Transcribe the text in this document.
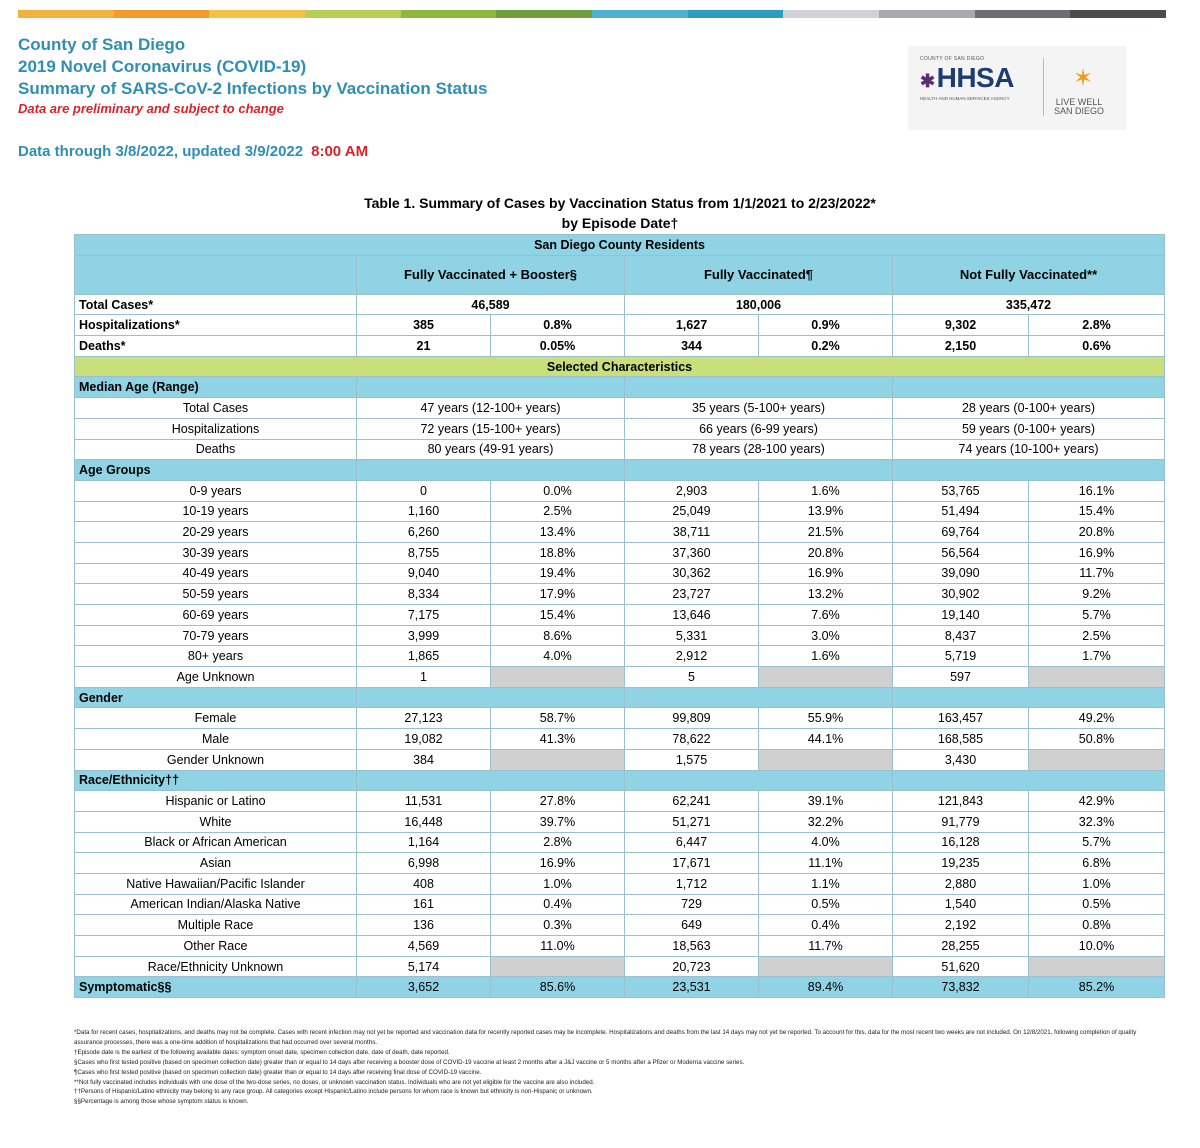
County of San Diego
2019 Novel Coronavirus (COVID-19)
Summary of SARS-CoV-2 Infections by Vaccination Status
Data are preliminary and subject to change
Data through 3/8/2022, updated 3/9/2022 8:00 AM
COUNTY OF SAN DIEGO
✱HHSA
HEALTH AND HUMAN SERVICES AGENCY
✶
LIVE WELL
SAN DIEGO
Table 1. Summary of Cases by Vaccination Status from 1/1/2021 to 2/23/2022*
by Episode Date†
San Diego County Residents						
	Fully Vaccinated + Booster§		Fully Vaccinated¶		Not Fully Vaccinated**	
Total Cases*	46,589		180,006		335,472	
Hospitalizations*	385	0.8%	1,627	0.9%	9,302	2.8%
Deaths*	21	0.05%	344	0.2%	2,150	0.6%
Selected Characteristics						
Median Age (Range)						
Total Cases	47 years (12-100+ years)		35 years (5-100+ years)		28 years (0-100+ years)	
Hospitalizations	72 years (15-100+ years)		66 years (6-99 years)		59 years (0-100+ years)	
Deaths	80 years (49-91 years)		78 years (28-100 years)		74 years (10-100+ years)	
Age Groups						
0-9 years	0	0.0%	2,903	1.6%	53,765	16.1%
10-19 years	1,160	2.5%	25,049	13.9%	51,494	15.4%
20-29 years	6,260	13.4%	38,711	21.5%	69,764	20.8%
30-39 years	8,755	18.8%	37,360	20.8%	56,564	16.9%
40-49 years	9,040	19.4%	30,362	16.9%	39,090	11.7%
50-59 years	8,334	17.9%	23,727	13.2%	30,902	9.2%
60-69 years	7,175	15.4%	13,646	7.6%	19,140	5.7%
70-79 years	3,999	8.6%	5,331	3.0%	8,437	2.5%
80+ years	1,865	4.0%	2,912	1.6%	5,719	1.7%
Age Unknown	1		5		597	
Gender						
Female	27,123	58.7%	99,809	55.9%	163,457	49.2%
Male	19,082	41.3%	78,622	44.1%	168,585	50.8%
Gender Unknown	384		1,575		3,430	
Race/Ethnicity††						
Hispanic or Latino	11,531	27.8%	62,241	39.1%	121,843	42.9%
White	16,448	39.7%	51,271	32.2%	91,779	32.3%
Black or African American	1,164	2.8%	6,447	4.0%	16,128	5.7%
Asian	6,998	16.9%	17,671	11.1%	19,235	6.8%
Native Hawaiian/Pacific Islander	408	1.0%	1,712	1.1%	2,880	1.0%
American Indian/Alaska Native	161	0.4%	729	0.5%	1,540	0.5%
Multiple Race	136	0.3%	649	0.4%	2,192	0.8%
Other Race	4,569	11.0%	18,563	11.7%	28,255	10.0%
Race/Ethnicity Unknown	5,174		20,723		51,620	
Symptomatic§§	3,652	85.6%	23,531	89.4%	73,832	85.2%
*Data for recent cases, hospitalizations, and deaths may not be complete. Cases with recent infection may not yet be reported and vaccination data for recently reported cases may be incomplete. Hospitalizations and deaths from the last 14 days may not yet be reported. To account for this, data for the most recent two weeks are not included. On 12/8/2021, following completion of quality assurance processes, there was a one-time addition of hospitalizations that had occurred over several months.
†Episode date is the earliest of the following available dates: symptom onset date, specimen collection date, date of death, date reported.
§Cases who first tested positive (based on specimen collection date) greater than or equal to 14 days after receiving a booster dose of COVID-19 vaccine at least 2 months after a J&J vaccine or 5 months after a Pfizer or Moderna vaccine series.
¶Cases who first tested positive (based on specimen collection date) greater than or equal to 14 days after receiving final dose of COVID-19 vaccine.
**Not fully vaccinated includes individuals with one dose of the two-dose series, no doses, or unknown vaccination status. Individuals who are not yet eligible for the vaccine are also included.
††Persons of Hispanic/Latino ethnicity may belong to any race group. All categories except Hispanic/Latino include persons for whom race is known but ethnicity is non-Hispanic or unknown.
§§Percentage is among those whose symptom status is known.
